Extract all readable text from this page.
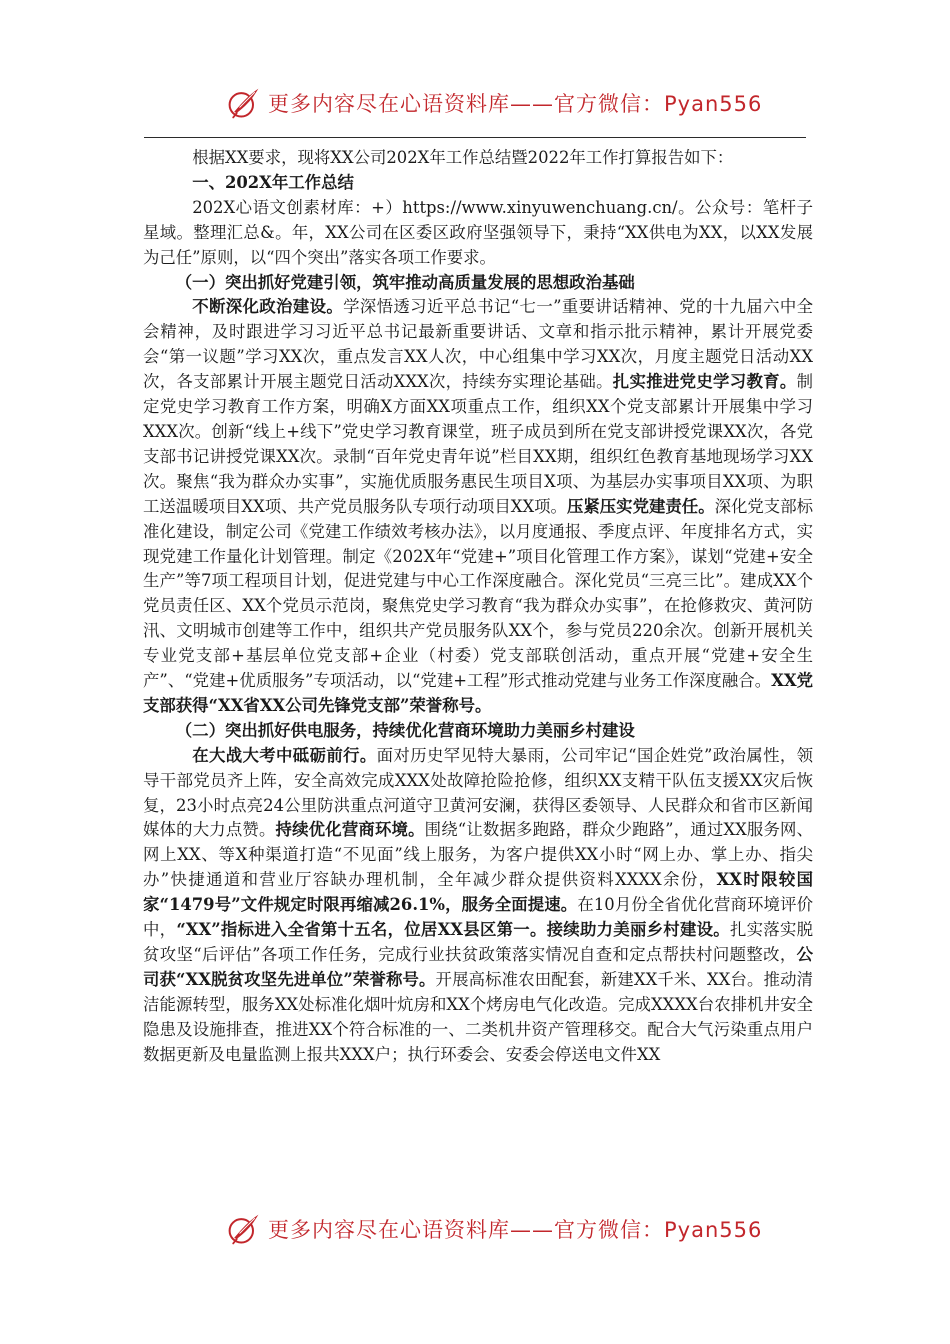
更多内容尽在心语资料库——官方微信：Pyan556

根据XX要求，现将XX公司202X年工作总结暨2022年工作打算报告如下：

一、202X年工作总结

202X心语文创素材库：+）https://www.xinyuwenchuang.cn/。公众号：笔杆子星域。整理汇总&。年，XX公司在区委区政府坚强领导下，秉持“XX供电为XX，以XX发展为己任”原则，以“四个突出”落实各项工作要求。

（一）突出抓好党建引领，筑牢推动高质量发展的思想政治基础

不断深化政治建设。学深悟透习近平总书记“七一”重要讲话精神、党的十九届六中全会精神，及时跟进学习习近平总书记最新重要讲话、文章和指示批示精神，累计开展党委会“第一议题”学习XX次，重点发言XX人次，中心组集中学习XX次，月度主题党日活动XX次，各支部累计开展主题党日活动XXX次，持续夯实理论基础。扎实推进党史学习教育。制定党史学习教育工作方案，明确X方面XX项重点工作，组织XX个党支部累计开展集中学习XXX次。创新“线上+线下”党史学习教育课堂，班子成员到所在党支部讲授党课XX次，各党支部书记讲授党课XX次。录制“百年党史青年说”栏目XX期，组织红色教育基地现场学习XX次。聚焦“我为群众办实事”，实施优质服务惠民生项目X项、为基层办实事项目XX项、为职工送温暖项目XX项、共产党员服务队专项行动项目XX项。压紧压实党建责任。深化党支部标准化建设，制定公司《党建工作绩效考核办法》，以月度通报、季度点评、年度排名方式，实现党建工作量化计划管理。制定《202X年“党建+”项目化管理工作方案》，谋划“党建+安全生产”等7项工程项目计划，促进党建与中心工作深度融合。深化党员“三亮三比”。建成XX个党员责任区、XX个党员示范岗，聚焦党史学习教育“我为群众办实事”，在抢修救灾、黄河防汛、文明城市创建等工作中，组织共产党员服务队XX个，参与党员220余次。创新开展机关专业党支部+基层单位党支部+企业（村委）党支部联创活动，重点开展“党建+安全生产”、“党建+优质服务”专项活动，以“党建+工程”形式推动党建与业务工作深度融合。XX党支部获得“XX省XX公司先锋党支部”荣誉称号。

（二）突出抓好供电服务，持续优化营商环境助力美丽乡村建设

在大战大考中砥砺前行。面对历史罕见特大暴雨，公司牢记“国企姓党”政治属性，领导干部党员齐上阵，安全高效完成XXX处故障抢险抢修，组织XX支精干队伍支援XX灾后恢复，23小时点亮24公里防洪重点河道守卫黄河安澜，获得区委领导、人民群众和省市区新闻媒体的大力点赞。持续优化营商环境。围绕“让数据多跑路，群众少跑路”，通过XX服务网、网上XX、等X种渠道打造“不见面”线上服务，为客户提供XX小时“网上办、掌上办、指尖办”快捷通道和营业厅容缺办理机制，全年减少群众提供资料XXXX余份，XX时限较国家“1479号”文件规定时限再缩减26.1%，服务全面提速。在10月份全省优化营商环境评价中，“XX”指标进入全省第十五名，位居XX县区第一。接续助力美丽乡村建设。扎实落实脱贫攻坚“后评估”各项工作任务，完成行业扶贫政策落实情况自查和定点帮扶村问题整改，公司获“XX脱贫攻坚先进单位”荣誉称号。开展高标准农田配套，新建XX千米、XX台。推动清洁能源转型，服务XX处标准化烟叶炕房和XX个烤房电气化改造。完成XXXX台农排机井安全隐患及设施排查，推进XX个符合标准的一、二类机井资产管理移交。配合大气污染重点用户数据更新及电量监测上报共XXX户；执行环委会、安委会停送电文件XX

更多内容尽在心语资料库——官方微信：Pyan556
